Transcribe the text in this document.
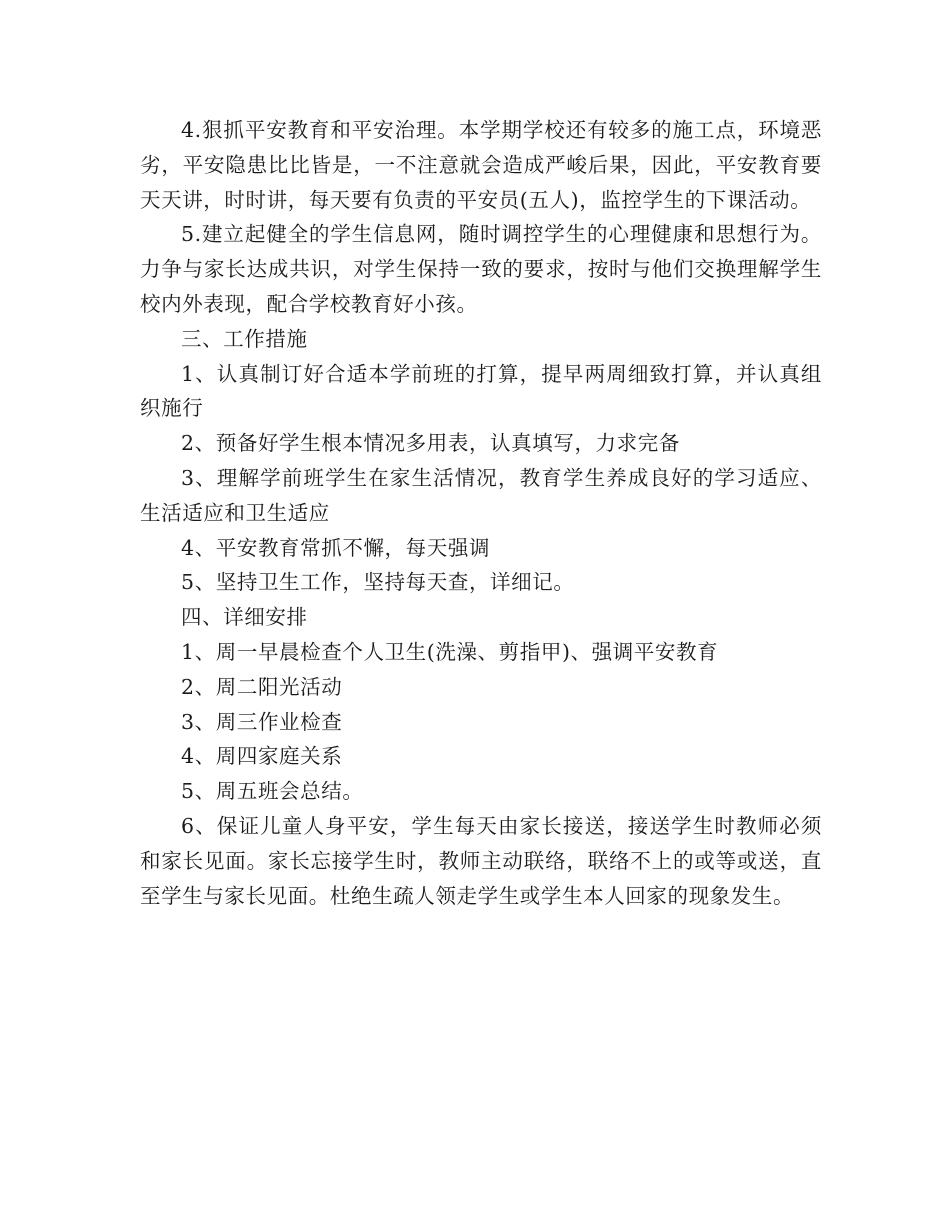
4.狠抓平安教育和平安治理。本学期学校还有较多的施工点，环境恶劣，平安隐患比比皆是，一不注意就会造成严峻后果，因此，平安教育要天天讲，时时讲，每天要有负责的平安员(五人)，监控学生的下课活动。

5.建立起健全的学生信息网，随时调控学生的心理健康和思想行为。力争与家长达成共识，对学生保持一致的要求，按时与他们交换理解学生校内外表现，配合学校教育好小孩。

三、工作措施

1、认真制订好合适本学前班的打算，提早两周细致打算，并认真组织施行

2、预备好学生根本情况多用表，认真填写，力求完备

3、理解学前班学生在家生活情况，教育学生养成良好的学习适应、生活适应和卫生适应

4、平安教育常抓不懈，每天强调

5、坚持卫生工作，坚持每天查，详细记。

四、详细安排

1、周一早晨检查个人卫生(洗澡、剪指甲)、强调平安教育

2、周二阳光活动

3、周三作业检查

4、周四家庭关系

5、周五班会总结。

6、保证儿童人身平安，学生每天由家长接送，接送学生时教师必须和家长见面。家长忘接学生时，教师主动联络，联络不上的或等或送，直至学生与家长见面。杜绝生疏人领走学生或学生本人回家的现象发生。
